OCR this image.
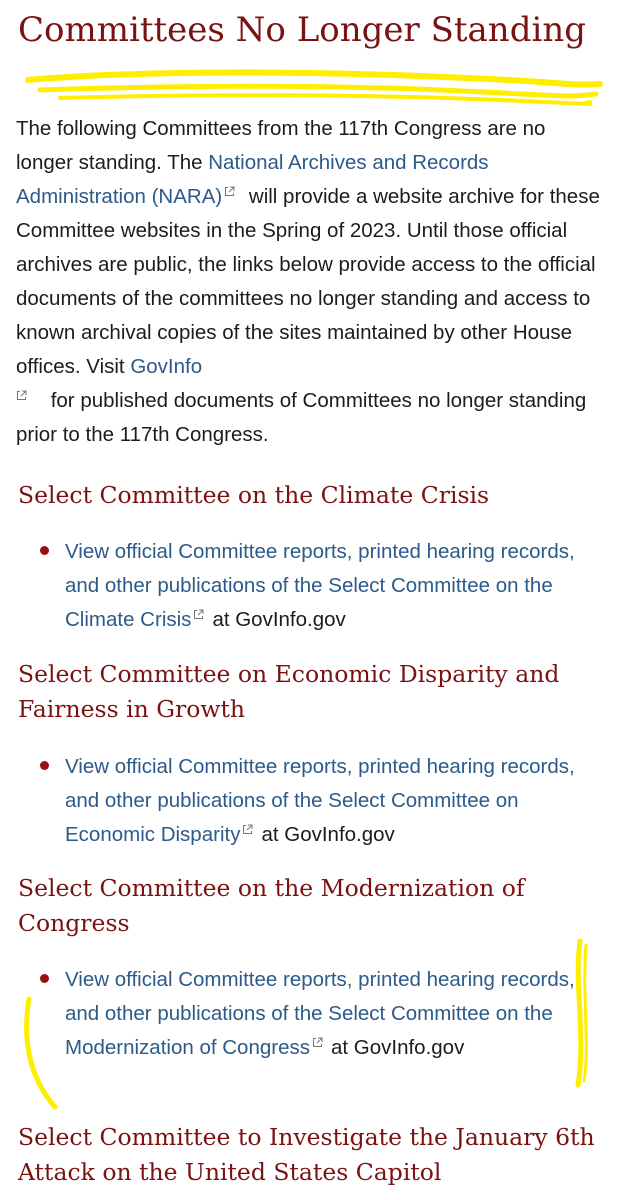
Committees No Longer Standing

The following Committees from the 117th Congress are no longer standing. The National Archives and Records Administration (NARA)
will provide a website archive for these Committee websites in the Spring of 2023. Until those official archives are public, the links below provide access to the official documents of the committees no longer standing and access to known archival copies of the sites maintained by other House offices. Visit GovInfo

for published documents of Committees no longer standing prior to the 117th Congress.

Select Committee on the Climate Crisis

View official Committee reports, printed hearing records, and other publications of the Select Committee on the Climate Crisis at GovInfo.gov

Select Committee on Economic Disparity and Fairness in Growth

View official Committee reports, printed hearing records, and other publications of the Select Committee on Economic Disparity at GovInfo.gov

Select Committee on the Modernization of Congress

View official Committee reports, printed hearing records, and other publications of the Select Committee on the Modernization of Congress at GovInfo.gov

Select Committee to Investigate the January 6th Attack on the United States Capitol
